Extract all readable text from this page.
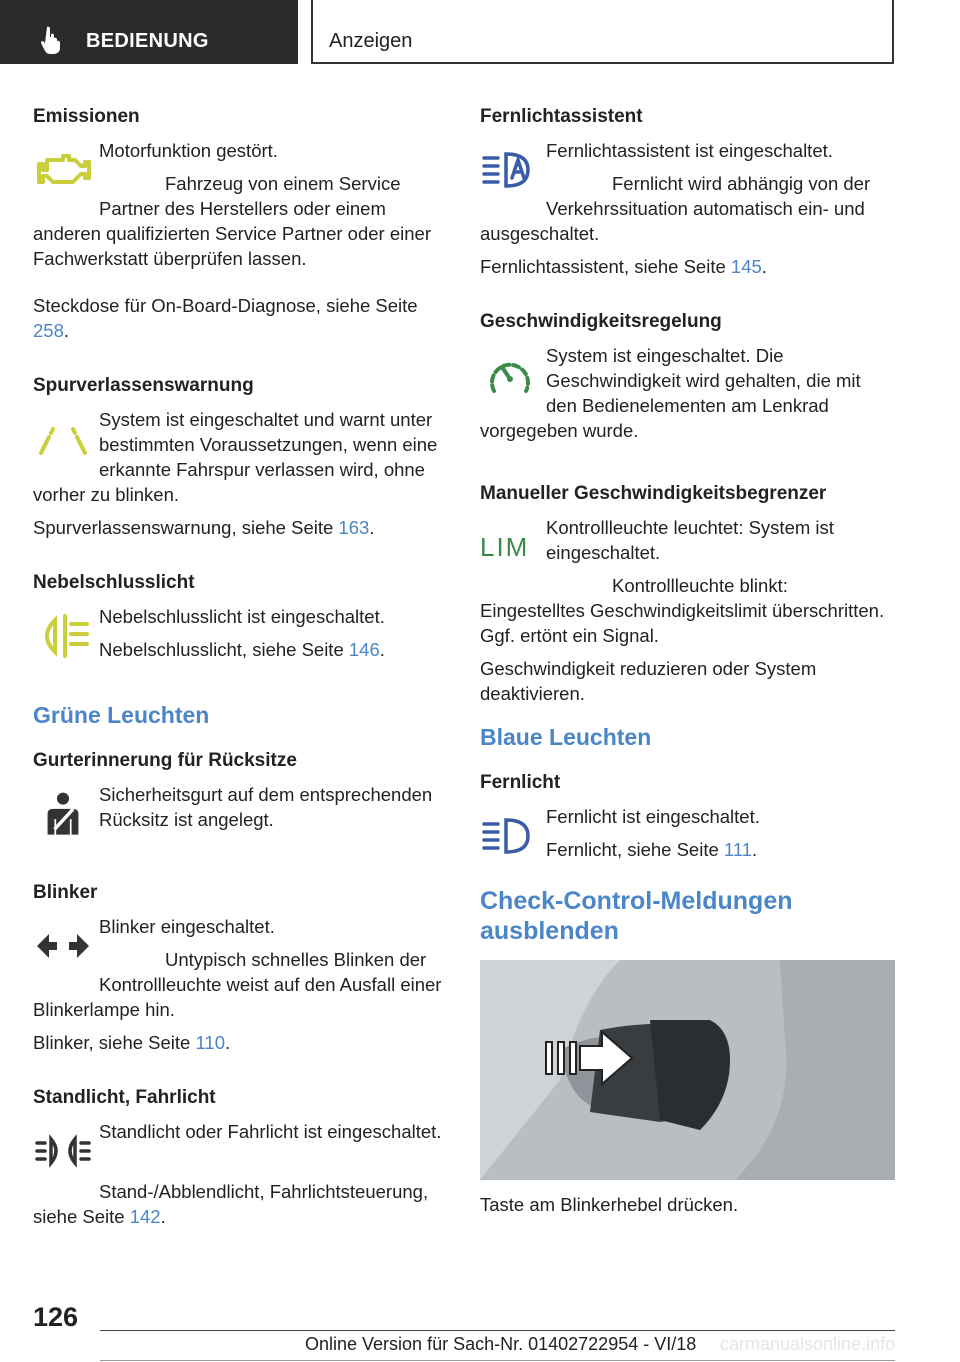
BEDIENUNG	Anzeigen
Emissionen

Motorfunktion gestört.

Fahrzeug von einem Service Partner des Herstellers oder einem anderen qualifizierten Service Partner oder einer Fachwerkstatt überprüfen lassen.

Steckdose für On-Board-Diagnose, siehe Seite 258.

Spurverlassenswarnung

System ist eingeschaltet und warnt unter bestimmten Voraussetzungen, wenn eine erkannte Fahrspur verlassen wird, ohne vorher zu blinken.

Spurverlassenswarnung, siehe Seite 163.

Nebelschlusslicht

Nebelschlusslicht ist eingeschaltet.

Nebelschlusslicht, siehe Seite 146.

Grüne Leuchten
Gurterinnerung für Rücksitze

Sicherheitsgurt auf dem entsprechenden Rücksitz ist angelegt.

Blinker

Blinker eingeschaltet.

Untypisch schnelles Blinken der Kontrollleuchte weist auf den Ausfall einer Blinkerlampe hin.

Blinker, siehe Seite 110.

Standlicht, Fahrlicht

Standlicht oder Fahrlicht ist eingeschaltet.

Stand-/Abblendlicht, Fahrlichtsteuerung, siehe Seite 142.

Fernlichtassistent

Fernlichtassistent ist eingeschaltet.

Fernlicht wird abhängig von der Verkehrssituation automatisch ein- und ausgeschaltet.

Fernlichtassistent, siehe Seite 145.

Geschwindigkeitsregelung

System ist eingeschaltet. Die Geschwindigkeit wird gehalten, die mit den Bedienelementen am Lenkrad vorgegeben wurde.

Manueller Geschwindigkeitsbegrenzer
LIM

Kontrollleuchte leuchtet: System ist eingeschaltet.

Kontrollleuchte blinkt: Eingestelltes Geschwindigkeitslimit überschritten. Ggf. ertönt ein Signal.

Geschwindigkeit reduzieren oder System deaktivieren.

Blaue Leuchten
Fernlicht

Fernlicht ist eingeschaltet.

Fernlicht, siehe Seite 111.

Check-Control-Meldungen ausblenden

Taste am Blinkerhebel drücken.

126
Online Version für Sach-Nr. 01402722954 - VI/18 carmanualsonline.info
